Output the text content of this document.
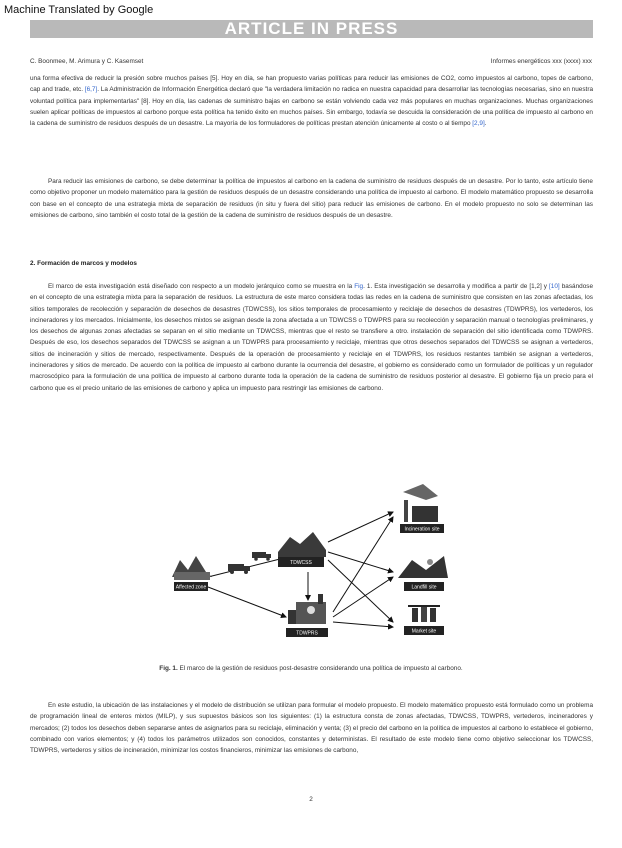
Machine Translated by Google
ARTICLE IN PRESS
C. Boonmee, M. Arimura y C. Kasemset	Informes energéticos xxx (xxxx) xxx
una forma efectiva de reducir la presión sobre muchos países [5]. Hoy en día, se han propuesto varias políticas para reducir las emisiones de CO2, como impuestos al carbono, topes de carbono, cap and trade, etc. [6,7]. La Administración de Información Energética declaró que "la verdadera limitación no radica en nuestra capacidad para desarrollar las tecnologías necesarias, sino en nuestra voluntad política para implementarlas" [8]. Hoy en día, las cadenas de suministro bajas en carbono se están volviendo cada vez más populares en muchas organizaciones. Muchas organizaciones suelen aplicar políticas de impuestos al carbono porque esta política ha tenido éxito en muchos países. Sin embargo, todavía se descuida la consideración de una política de impuesto al carbono en la cadena de suministro de residuos después de un desastre. La mayoría de los formuladores de políticas prestan atención únicamente al costo o al tiempo [2,9].
Para reducir las emisiones de carbono, se debe determinar la política de impuestos al carbono en la cadena de suministro de residuos después de un desastre. Por lo tanto, este artículo tiene como objetivo proponer un modelo matemático para la gestión de residuos después de un desastre considerando una política de impuesto al carbono. El modelo matemático propuesto se desarrolla con base en el concepto de una estrategia mixta de separación de residuos (in situ y fuera del sitio) para reducir las emisiones de carbono. En el modelo propuesto no solo se determinan las emisiones de carbono, sino también el costo total de la gestión de la cadena de suministro de residuos después de un desastre.
2. Formación de marcos y modelos
El marco de esta investigación está diseñado con respecto a un modelo jerárquico como se muestra en la Fig. 1. Esta investigación se desarrolla y modifica a partir de [1,2] y [10] basándose en el concepto de una estrategia mixta para la separación de residuos. La estructura de este marco considera todas las redes en la cadena de suministro que consisten en las zonas afectadas, los sitios temporales de recolección y separación de desechos de desastres (TDWCSS), los sitios temporales de procesamiento y reciclaje de desechos de desastres (TDWPRS), los vertederos, los incineradores y los mercados. Inicialmente, los desechos mixtos se asignan desde la zona afectada a un TDWCSS o TDWPRS para su recolección y separación manual o tecnologías preliminares, y los desechos de algunas zonas afectadas se separan en el sitio mediante un TDWCSS, mientras que el resto se transfiere a otro. instalación de separación del sitio identificada como TDWPRS. Después de eso, los desechos separados del TDWCSS se asignan a un TDWPRS para procesamiento y reciclaje, mientras que otros desechos separados del TDWCSS se asignan a vertederos, sitios de incineración y sitios de mercado, respectivamente. Después de la operación de procesamiento y reciclaje en el TDWPRS, los residuos restantes también se asignan a vertederos, incineradores y sitios de mercado. De acuerdo con la política de impuesto al carbono durante la ocurrencia del desastre, el gobierno es considerado como un formulador de políticas y un regulador macroscópico para la formulación de una política de impuesto al carbono durante toda la operación de la cadena de suministro de residuos posterior al desastre. El gobierno fija un precio para el carbono que es el precio unitario de las emisiones de carbono y aplica un impuesto para restringir las emisiones de carbono.
Affected zone
TDWCSS
TDWPRS
Incineration site
Landfill site
Market site
Fig. 1. El marco de la gestión de residuos post-desastre considerando una política de impuesto al carbono.
En este estudio, la ubicación de las instalaciones y el modelo de distribución se utilizan para formular el modelo propuesto. El modelo matemático propuesto está formulado como un problema de programación lineal de enteros mixtos (MILP), y sus supuestos básicos son los siguientes: (1) la estructura consta de zonas afectadas, TDWCSS, TDWPRS, vertederos, incineradores y mercados; (2) todos los desechos deben separarse antes de asignarlos para su reciclaje, eliminación y venta; (3) el precio del carbono en la política de impuestos al carbono lo establece el gobierno, combinado con varios elementos; y (4) todos los parámetros utilizados son conocidos, constantes y deterministas. El resultado de este modelo tiene como objetivo seleccionar los TDWCSS, TDWPRS, vertederos y sitios de incineración, minimizar los costos financieros, minimizar las emisiones de carbono,
2
